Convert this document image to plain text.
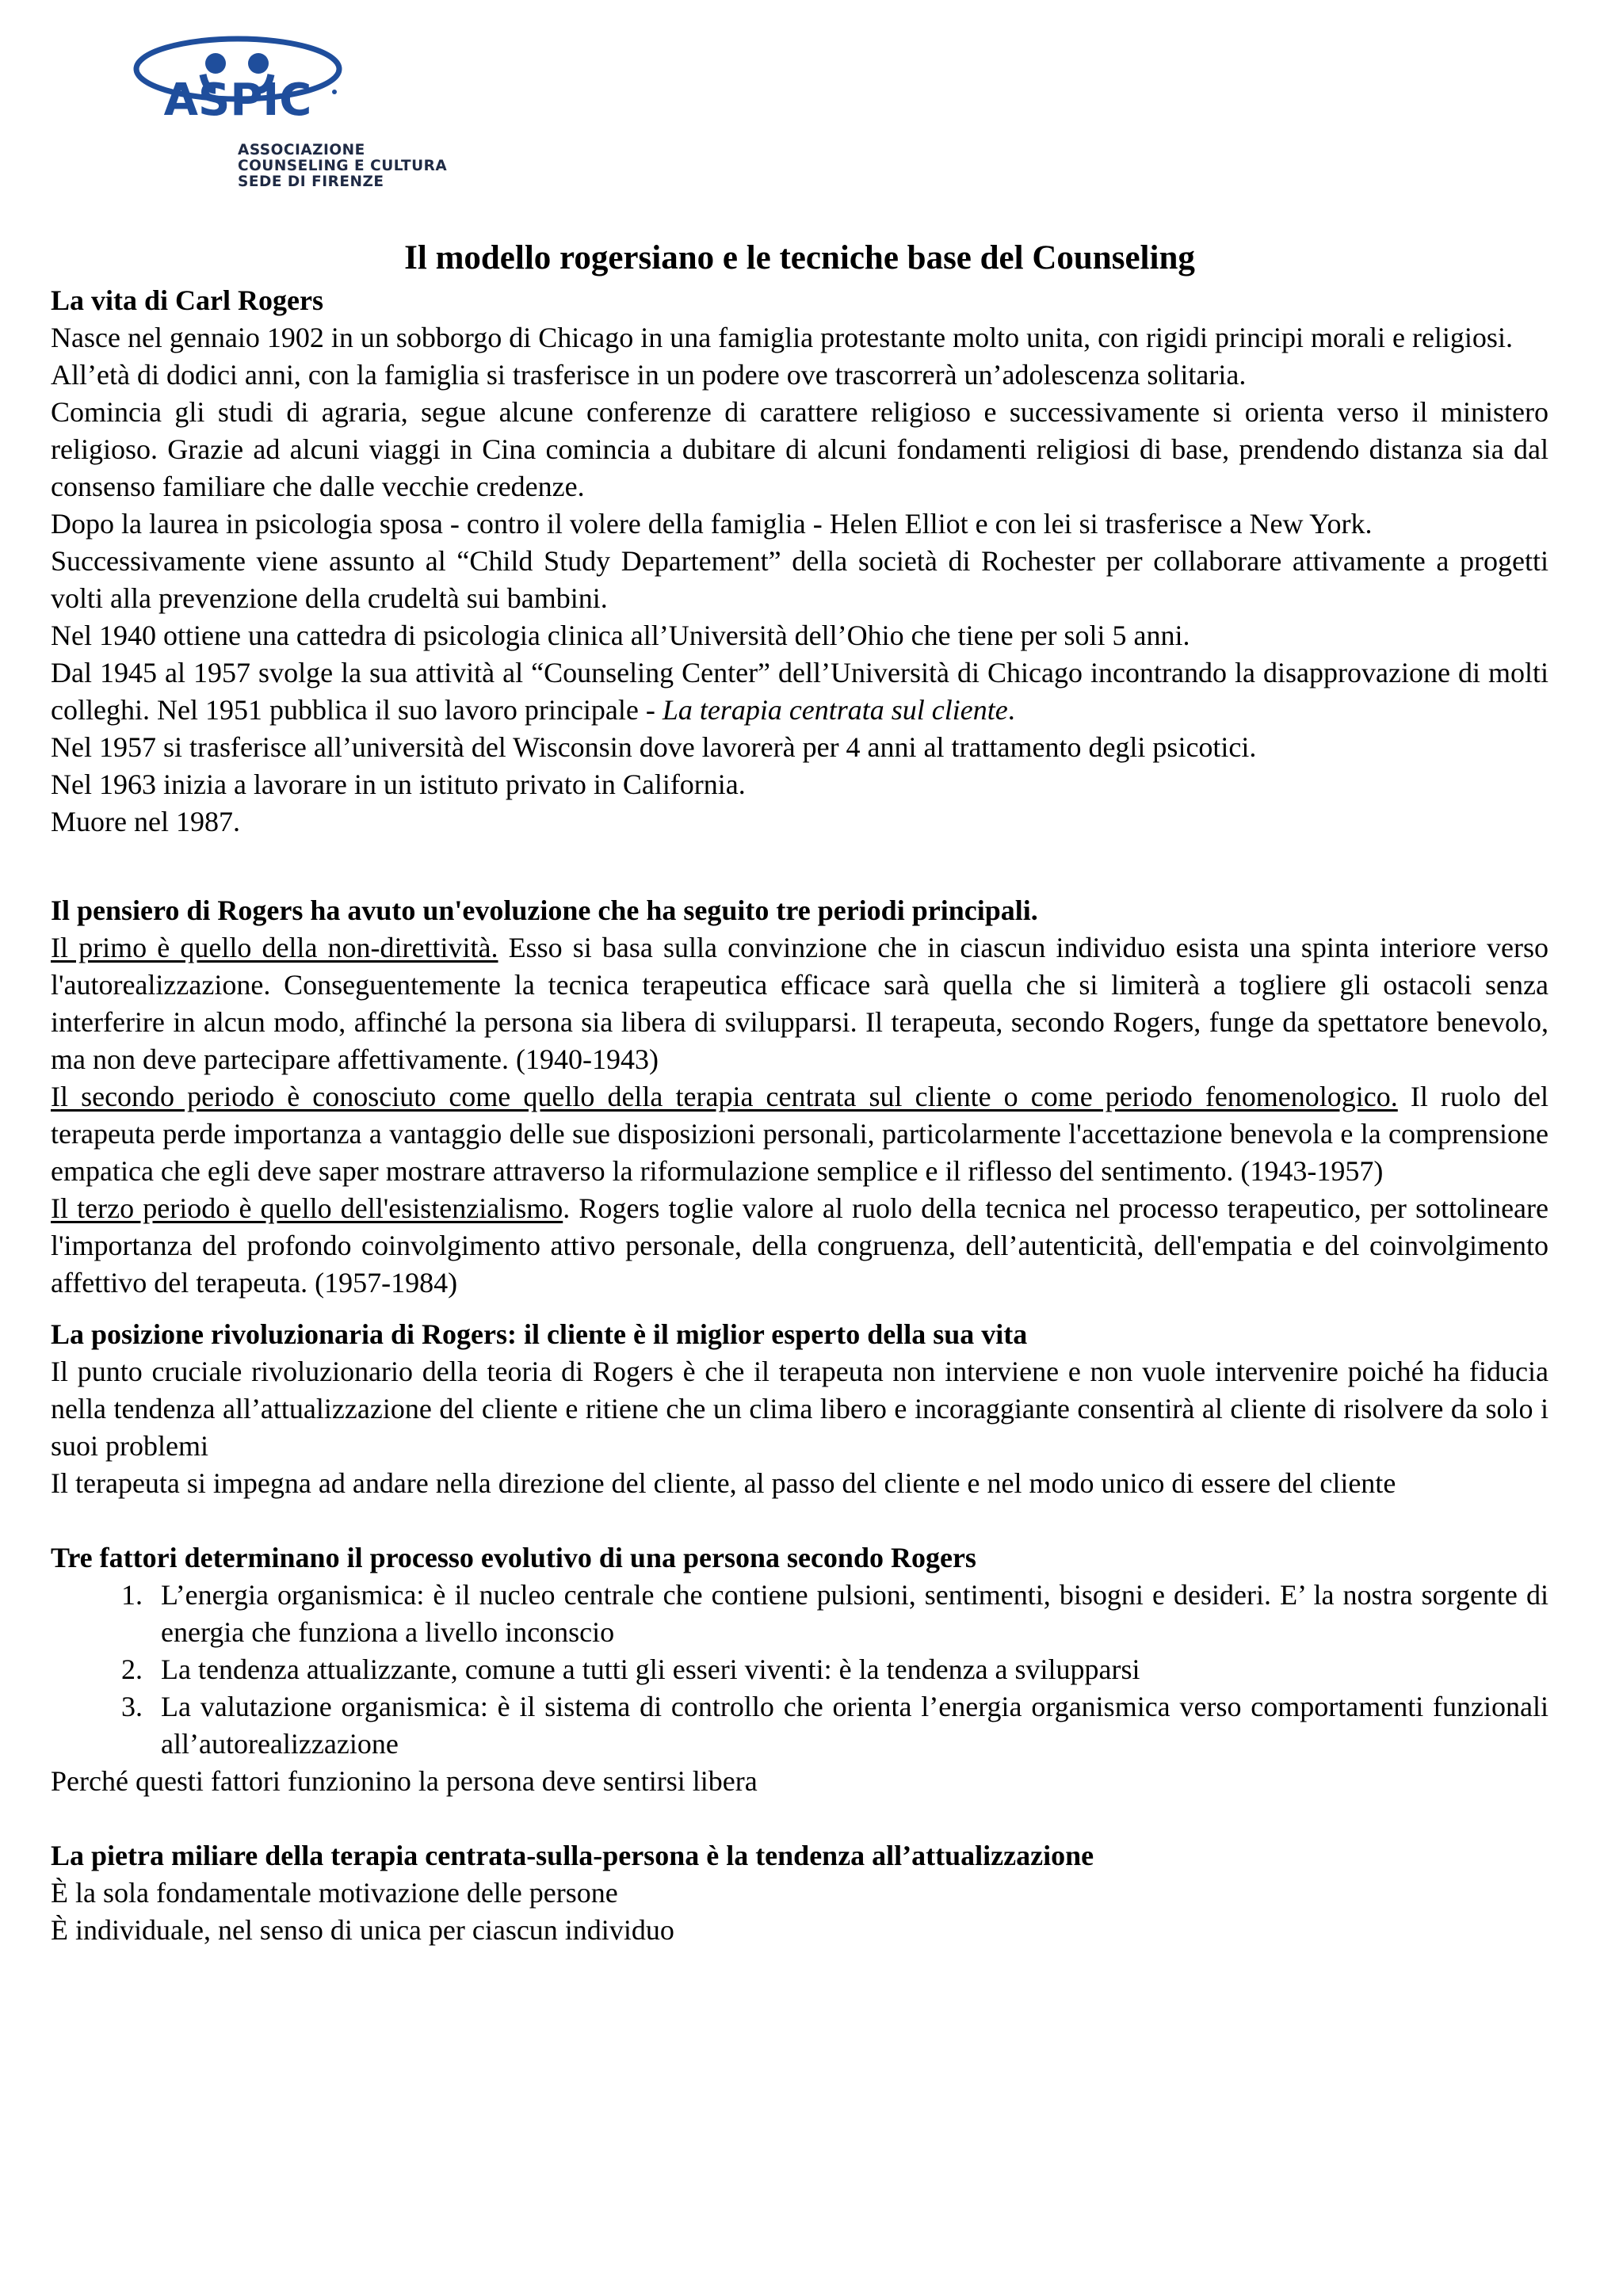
ASPIC
ASSOCIAZIONE
COUNSELING E CULTURA
SEDE DI FIRENZE
Il modello rogersiano e le tecniche base del Counseling

La vita di Carl Rogers

Nasce nel gennaio 1902 in un sobborgo di Chicago in una famiglia protestante molto unita, con rigidi principi morali e religiosi.

All’età di dodici anni, con la famiglia si trasferisce in un podere ove trascorrerà un’adolescenza solitaria.

Comincia gli studi di agraria, segue alcune conferenze di carattere religioso e successivamente si orienta verso il ministero religioso. Grazie ad alcuni viaggi in Cina comincia a dubitare di alcuni fondamenti religiosi di base, prendendo distanza sia dal consenso familiare che dalle vecchie credenze.

Dopo la laurea in psicologia sposa - contro il volere della famiglia - Helen Elliot e con lei si trasferisce a New York.

Successivamente viene assunto al “Child Study Departement” della società di Rochester per collaborare attivamente a progetti volti alla prevenzione della crudeltà sui bambini.

Nel 1940 ottiene una cattedra di psicologia clinica all’Università dell’Ohio che tiene per soli 5 anni.

Dal 1945 al 1957 svolge la sua attività al “Counseling Center” dell’Università di Chicago incontrando la disapprovazione di molti colleghi. Nel 1951 pubblica il suo lavoro principale - La terapia centrata sul cliente.

Nel 1957 si trasferisce all’università del Wisconsin dove lavorerà per 4 anni al trattamento degli psicotici.

Nel 1963 inizia a lavorare in un istituto privato in California.

Muore nel 1987.

Il pensiero di Rogers ha avuto un'evoluzione che ha seguito tre periodi principali.

Il primo è quello della non-direttività. Esso si basa sulla convinzione che in ciascun individuo esista una spinta interiore verso l'autorealizzazione. Conseguentemente la tecnica terapeutica efficace sarà quella che si limiterà a togliere gli ostacoli senza interferire in alcun modo, affinché la persona sia libera di svilupparsi. Il terapeuta, secondo Rogers, funge da spettatore benevolo, ma non deve partecipare affettivamente. (1940-1943)

Il secondo periodo è conosciuto come quello della terapia centrata sul cliente o come periodo fenomenologico. Il ruolo del terapeuta perde importanza a vantaggio delle sue disposizioni personali, particolarmente l'accettazione benevola e la comprensione empatica che egli deve saper mostrare attraverso la riformulazione semplice e il riflesso del sentimento. (1943-1957)

Il terzo periodo è quello dell'esistenzialismo. Rogers toglie valore al ruolo della tecnica nel processo terapeutico, per sottolineare l'importanza del profondo coinvolgimento attivo personale, della congruenza, dell’autenticità, dell'empatia e del coinvolgimento affettivo del terapeuta. (1957-1984)

La posizione rivoluzionaria di Rogers: il cliente è il miglior esperto della sua vita

Il punto cruciale rivoluzionario della teoria di Rogers è che il terapeuta non interviene e non vuole intervenire poiché ha fiducia nella tendenza all’attualizzazione del cliente e ritiene che un clima libero e incoraggiante consentirà al cliente di risolvere da solo i suoi problemi

Il terapeuta si impegna ad andare nella direzione del cliente, al passo del cliente e nel modo unico di essere del cliente

Tre fattori determinano il processo evolutivo di una persona secondo Rogers

1. L’energia organismica: è il nucleo centrale che contiene pulsioni, sentimenti, bisogni e desideri. E’ la nostra sorgente di energia che funziona a livello inconscio
2. La tendenza attualizzante, comune a tutti gli esseri viventi: è la tendenza a svilupparsi
3. La valutazione organismica: è il sistema di controllo che orienta l’energia organismica verso comportamenti funzionali all’autorealizzazione

Perché questi fattori funzionino la persona deve sentirsi libera

La pietra miliare della terapia centrata-sulla-persona è la tendenza all’attualizzazione

È la sola fondamentale motivazione delle persone

È individuale, nel senso di unica per ciascun individuo
